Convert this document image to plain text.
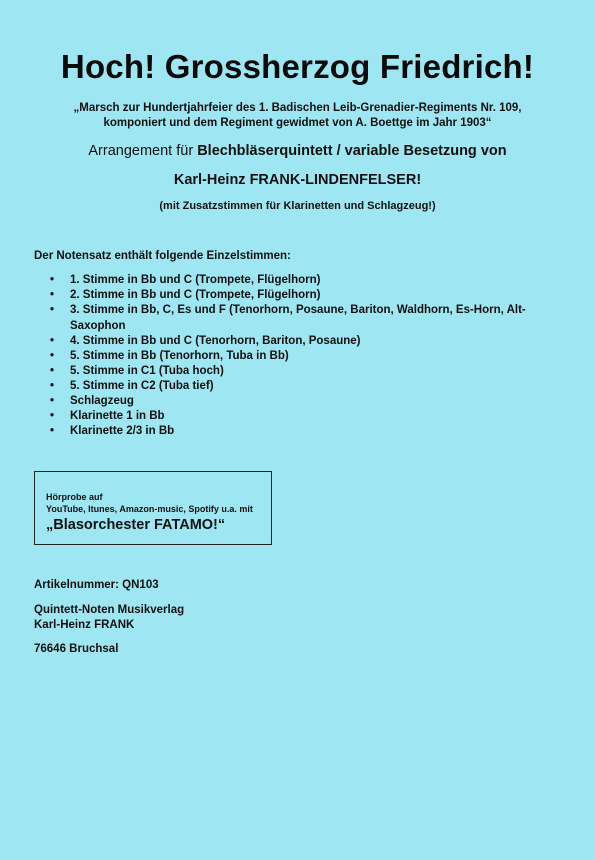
Hoch! Grossherzog Friedrich!
„Marsch zur Hundertjahrfeier des 1. Badischen Leib-Grenadier-Regiments Nr. 109,
komponiert und dem Regiment gewidmet von A. Boettge im Jahr 1903“
Arrangement für Blechbläserquintett / variable Besetzung von
Karl-Heinz FRANK-LINDENFELSER!
(mit Zusatzstimmen für Klarinetten und Schlagzeug!)
Der Notensatz enthält folgende Einzelstimmen:
• 1. Stimme in Bb und C (Trompete, Flügelhorn)
• 2. Stimme in Bb und C (Trompete, Flügelhorn)
• 3. Stimme in Bb, C, Es und F (Tenorhorn, Posaune, Bariton, Waldhorn, Es-Horn, Alt-Saxophon
• 4. Stimme in Bb und C (Tenorhorn, Bariton, Posaune)
• 5. Stimme in Bb (Tenorhorn, Tuba in Bb)
• 5. Stimme in C1 (Tuba hoch)
• 5. Stimme in C2 (Tuba tief)
• Schlagzeug
• Klarinette 1 in Bb
• Klarinette 2/3 in Bb
Hörprobe auf
YouTube, Itunes, Amazon-music, Spotify u.a. mit
„Blasorchester FATAMO!“
Artikelnummer: QN103
Quintett-Noten Musikverlag
Karl-Heinz FRANK
76646 Bruchsal
